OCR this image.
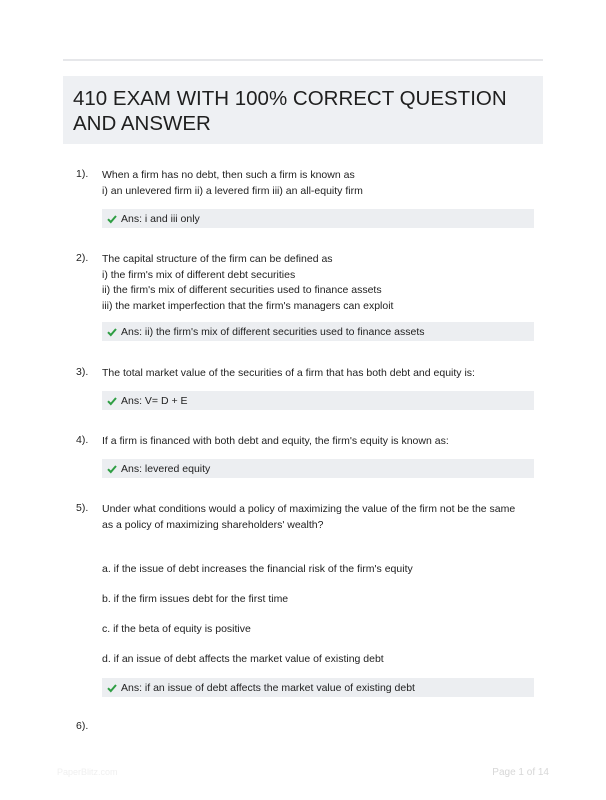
410 EXAM WITH 100% CORRECT QUESTION
AND ANSWER
1). When a firm has no debt, then such a firm is known as
i) an unlevered firm ii) a levered firm iii) an all-equity firm
Ans: i and iii only
2). The capital structure of the firm can be defined as
i) the firm's mix of different debt securities
ii) the firm's mix of different securities used to finance assets
iii) the market imperfection that the firm's managers can exploit
Ans: ii) the firm's mix of different securities used to finance assets
3). The total market value of the securities of a firm that has both debt and equity is:
Ans: V= D + E
4). If a firm is financed with both debt and equity, the firm's equity is known as:
Ans: levered equity
5). Under what conditions would a policy of maximizing the value of the firm not be the same
as a policy of maximizing shareholders' wealth?
a. if the issue of debt increases the financial risk of the firm's equity
b. if the firm issues debt for the first time
c. if the beta of equity is positive
d. if an issue of debt affects the market value of existing debt
Ans: if an issue of debt affects the market value of existing debt
6).
PaperBlitz.com	Page 1 of 14
